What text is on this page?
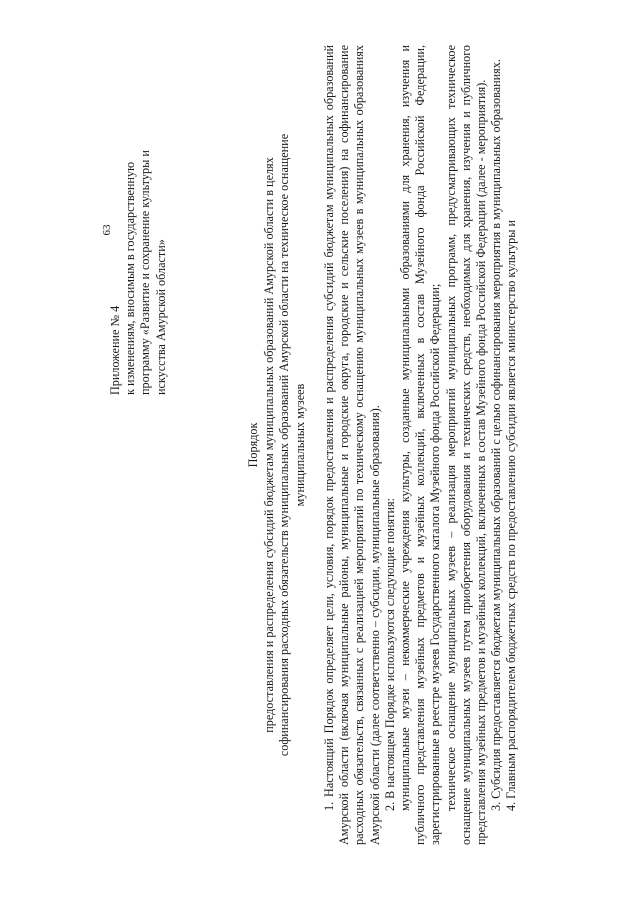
63
Приложение № 4 к изменениям, вносимым в государственную программу «Развитие и сохранение культуры и искусства Амурской области»
Порядок предоставления и распределения субсидий бюджетам муниципальных образований Амурской области в целях софинансирования расходных обязательств муниципальных образований Амурской области на техническое оснащение муниципальных музеев 1. Настоящий Порядок определяет цели, условия, порядок предоставления и распределения субсидий бюджетам муниципальных образований Амурской области (включая муниципальные районы, муниципальные и городские округа, городские и сельские поселения) на софинансирование расходных обязательств, связанных с реализацией мероприятий по техническому оснащению муниципальных музеев в муниципальных образованиях Амурской области (далее соответственно – субсидии, муниципальные образования). 2. В настоящем Порядке используются следующие понятия: муниципальные музеи – некоммерческие учреждения культуры, созданные муниципальными образованиями для хранения, изучения и публичного представления музейных предметов и музейных коллекций, включенных в состав Музейного фонда Российской Федерации, зарегистрированные в реестре музеев Государственного каталога Музейного фонда Российской Федерации; техническое оснащение муниципальных музеев – реализация мероприятий муниципальных программ, предусматривающих техническое оснащение муниципальных музеев путем приобретения оборудования и технических средств, необходимых для хранения, изучения и публичного представления музейных предметов и музейных коллекций, включенных в состав Музейного фонда Российской Федерации (далее - мероприятия). 3. Субсидия предоставляется бюджетам муниципальных образований с целью софинансирования мероприятия в муниципальных образованиях. 4. Главным распорядителем бюджетных средств по предоставлению субсидии является министерство культуры и
